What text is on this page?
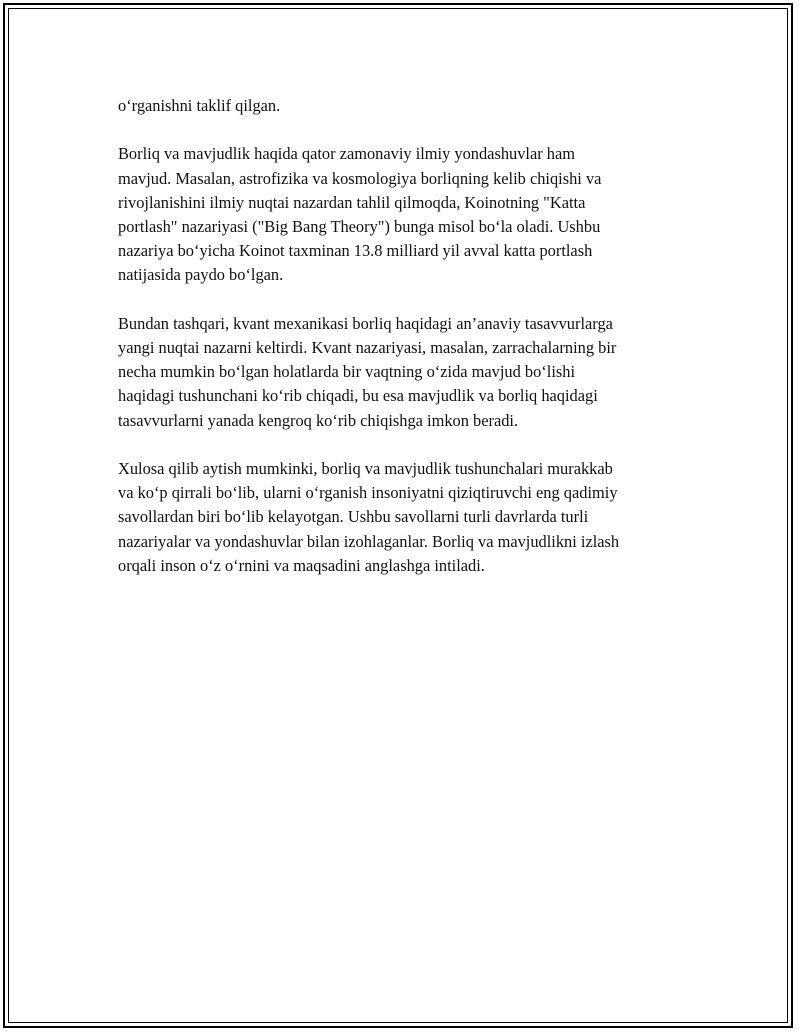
o‘rganishni taklif qilgan.

Borliq va mavjudlik haqida qator zamonaviy ilmiy yondashuvlar ham
mavjud. Masalan, astrofizika va kosmologiya borliqning kelib chiqishi va
rivojlanishini ilmiy nuqtai nazardan tahlil qilmoqda, Koinotning "Katta
portlash" nazariyasi ("Big Bang Theory") bunga misol bo‘la oladi. Ushbu
nazariya bo‘yicha Koinot taxminan 13.8 milliard yil avval katta portlash
natijasida paydo bo‘lgan.

Bundan tashqari, kvant mexanikasi borliq haqidagi an’anaviy tasavvurlarga
yangi nuqtai nazarni keltirdi. Kvant nazariyasi, masalan, zarrachalarning bir
necha mumkin bo‘lgan holatlarda bir vaqtning o‘zida mavjud bo‘lishi
haqidagi tushunchani ko‘rib chiqadi, bu esa mavjudlik va borliq haqidagi
tasavvurlarni yanada kengroq ko‘rib chiqishga imkon beradi.

Xulosa qilib aytish mumkinki, borliq va mavjudlik tushunchalari murakkab
va ko‘p qirrali bo‘lib, ularni o‘rganish insoniyatni qiziqtiruvchi eng qadimiy
savollardan biri bo‘lib kelayotgan. Ushbu savollarni turli davrlarda turli
nazariyalar va yondashuvlar bilan izohlaganlar. Borliq va mavjudlikni izlash
orqali inson o‘z o‘rnini va maqsadini anglashga intiladi.
